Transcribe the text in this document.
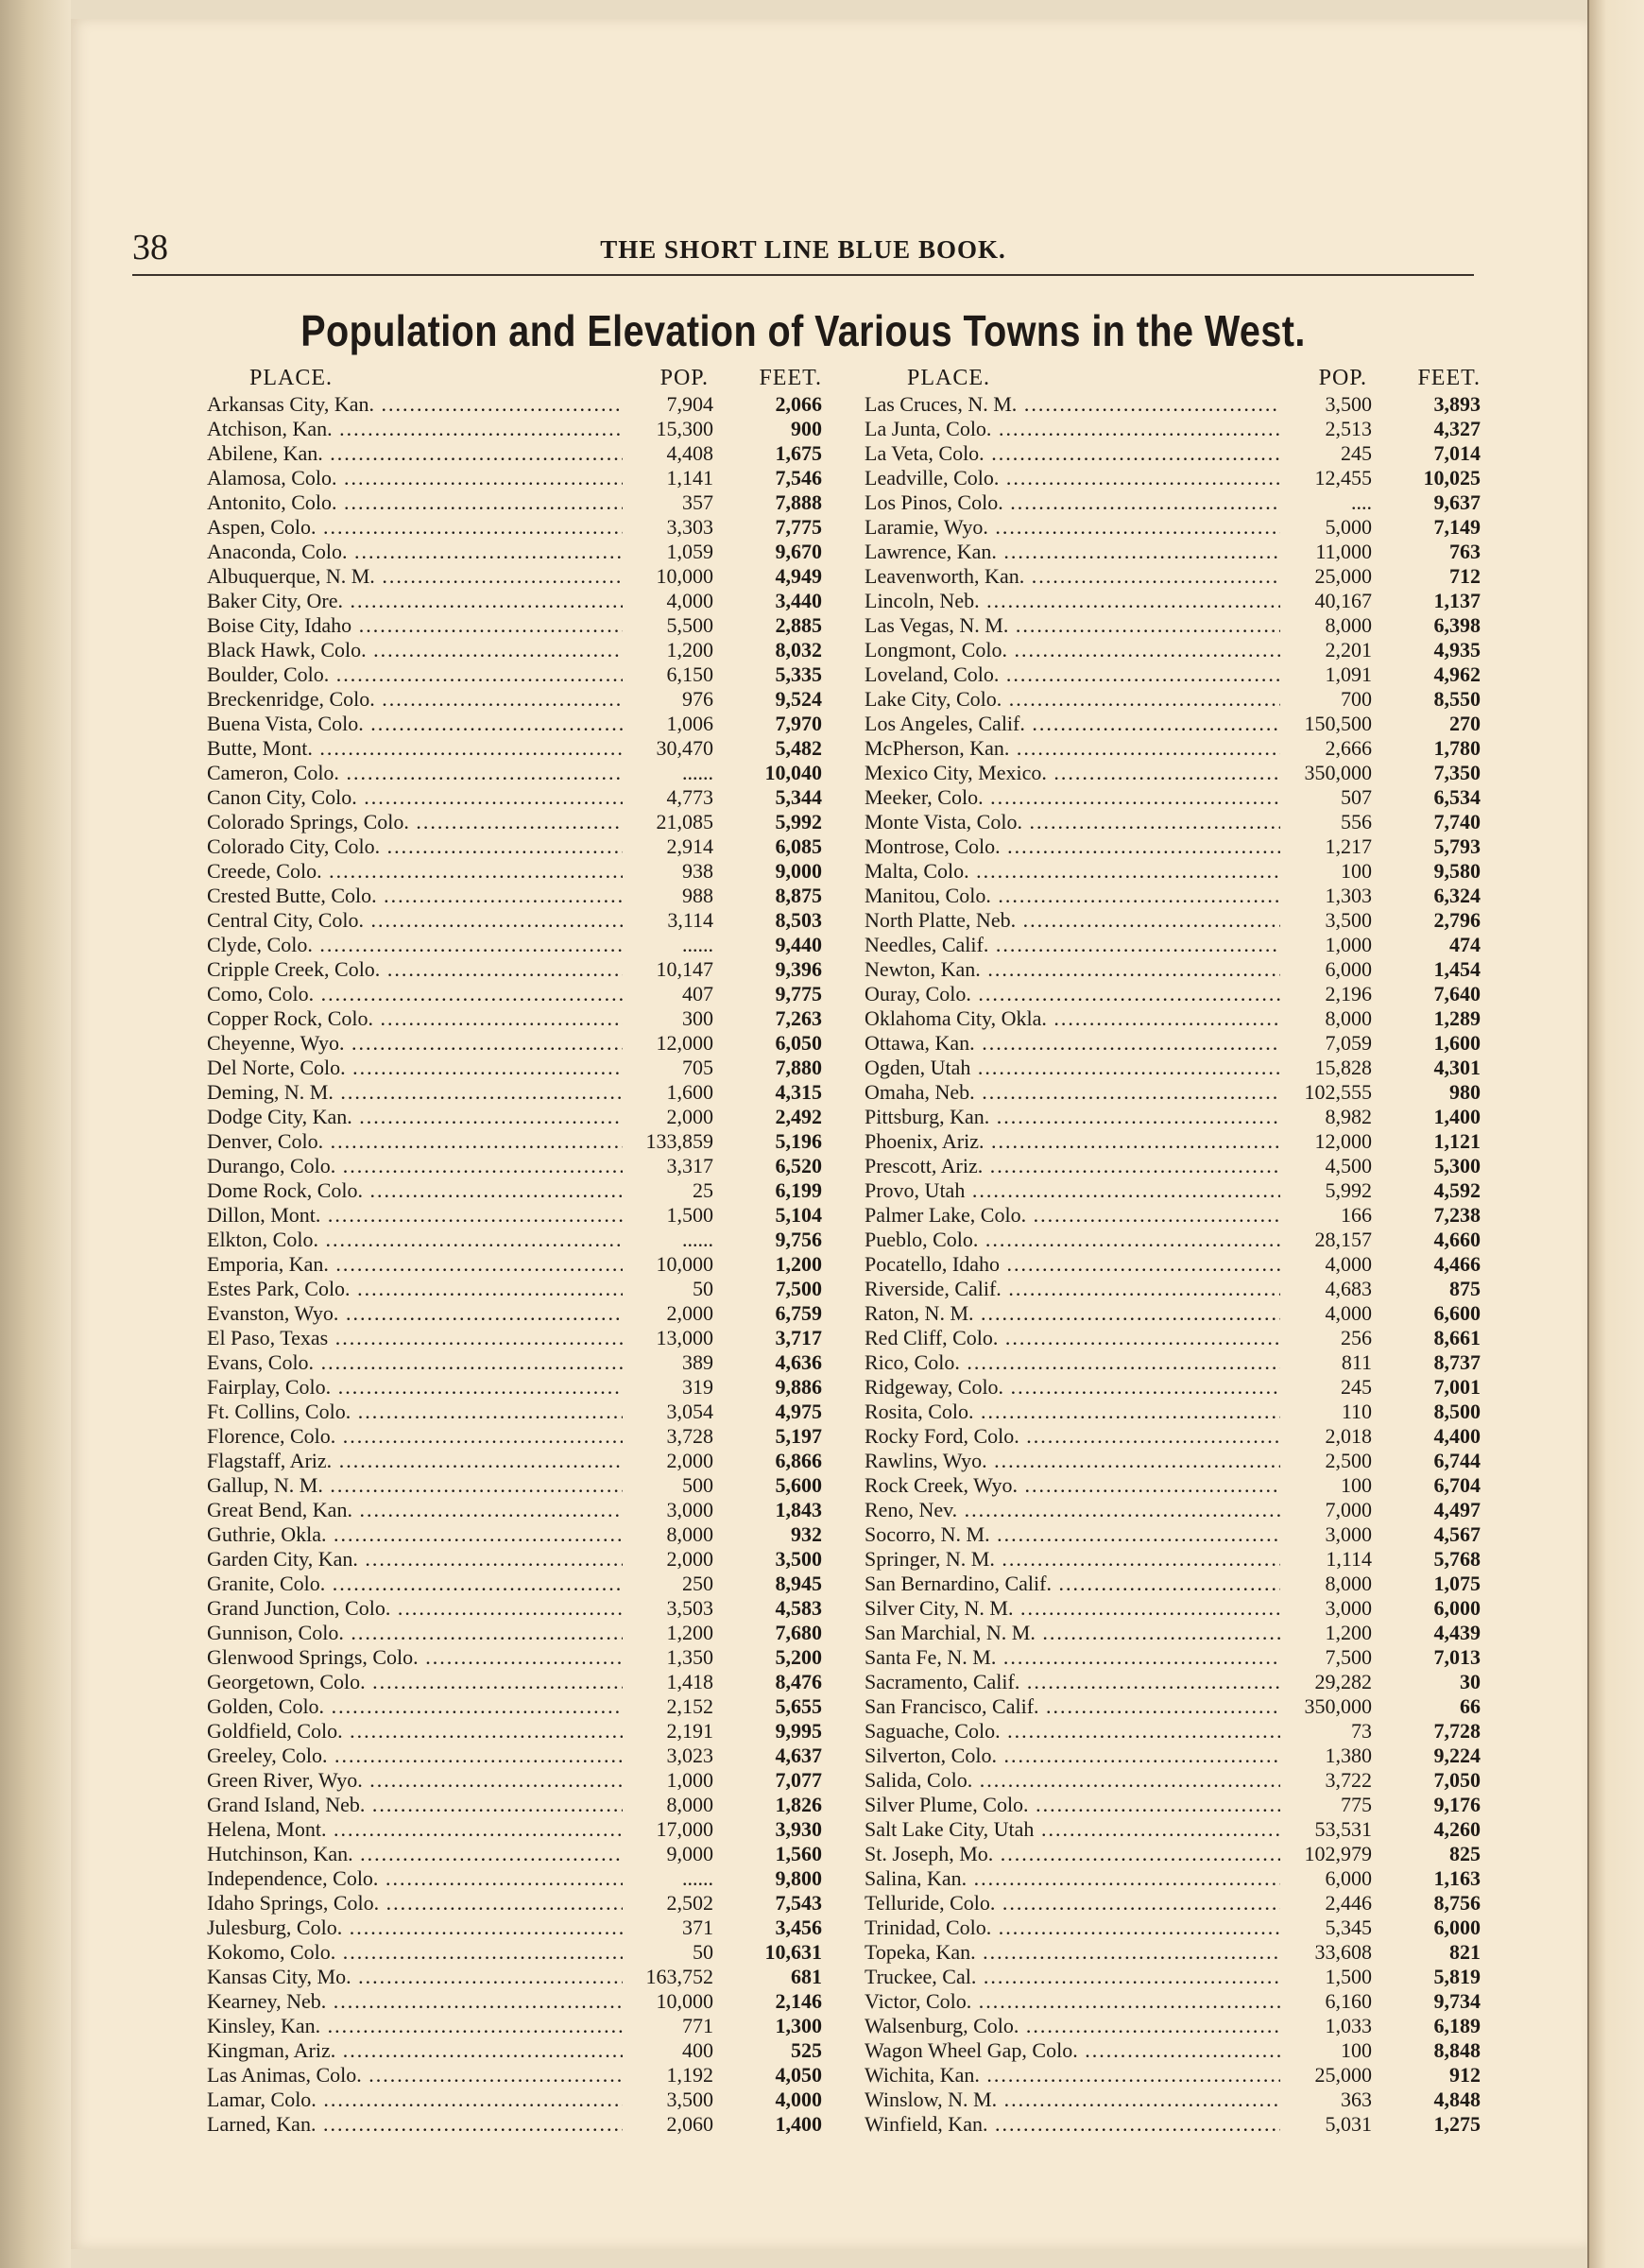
38	THE SHORT LINE BLUE BOOK.
Population and Elevation of Various Towns in the West.
PLACE.	POP. FEET.
Arkansas City, Kan. .....	7,904	2,066
Atchison, Kan. .....	15,300	900
Abilene, Kan. .....	4,408	1,675
Alamosa, Colo. .....	1,141	7,546
Antonito, Colo. .....	357	7,888
Aspen, Colo. .....	3,303	7,775
Anaconda, Colo. .....	1,059	9,670
Albuquerque, N. M. .....	10,000	4,949
Baker City, Ore. .....	4,000	3,440
Boise City, Idaho .....	5,500	2,885
Black Hawk, Colo. .....	1,200	8,032
Boulder, Colo. .....	6,150	5,335
Breckenridge, Colo. .....	976	9,524
Buena Vista, Colo. .....	1,006	7,970
Butte, Mont. .....	30,470	5,482
Cameron, Colo. .....	...... 10,040
Canon City, Colo. .....	4,773	5,344
Colorado Springs, Colo. .....	21,085	5,992
Colorado City, Colo. .....	2,914	6,085
Creede, Colo. .....	938	9,000
Crested Butte, Colo. .....	988	8,875
Central City, Colo. .....	3,114	8,503
Clyde, Colo. .....	......	9,440
Cripple Creek, Colo. .....	10,147	9,396
Como, Colo. .....	407	9,775
Copper Rock, Colo. .....	300	7,263
Cheyenne, Wyo. .....	12,000	6,050
Del Norte, Colo. .....	705	7,880
Deming, N. M. .....	1,600	4,315
Dodge City, Kan. .....	2,000	2,492
Denver, Colo. .....	133,859	5,196
Durango, Colo. .....	3,317	6,520
Dome Rock, Colo. .....	25	6,199
Dillon, Mont. .....	1,500	5,104
Elkton, Colo. .....	......	9,756
Emporia, Kan. .....	10,000	1,200
Estes Park, Colo. .....	50	7,500
Evanston, Wyo. .....	2,000	6,759
El Paso, Texas .....	13,000	3,717
Evans, Colo. .....	389	4,636
Fairplay, Colo. .....	319	9,886
Ft. Collins, Colo. .....	3,054	4,975
Florence, Colo. .....	3,728	5,197
Flagstaff, Ariz. .....	2,000	6,866
Gallup, N. M. .....	500	5,600
Great Bend, Kan. .....	3,000	1,843
Guthrie, Okla. .....	8,000	932
Garden City, Kan. .....	2,000	3,500
Granite, Colo. .....	250	8,945
Grand Junction, Colo. .....	3,503	4,583
Gunnison, Colo. .....	1,200	7,680
Glenwood Springs, Colo. .....	1,350	5,200
Georgetown, Colo. .....	1,418	8,476
Golden, Colo. .....	2,152	5,655
Goldfield, Colo. .....	2,191	9,995
Greeley, Colo. .....	3,023	4,637
Green River, Wyo. .....	1,000	7,077
Grand Island, Neb. .....	8,000	1,826
Helena, Mont. .....	17,000	3,930
Hutchinson, Kan. .....	9,000	1,560
Independence, Colo. .....	......	9,800
Idaho Springs, Colo. .....	2,502	7,543
Julesburg, Colo. .....	371	3,456
Kokomo, Colo. .....	50 10,631
Kansas City, Mo. .....	163,752	681
Kearney, Neb. .....	10,000	2,146
Kinsley, Kan. .....	771	1,300
Kingman, Ariz. .....	400	525
Las Animas, Colo. .....	1,192	4,050
Lamar, Colo. .....	3,500	4,000
Larned, Kan. .....	2,060	1,400
PLACE.	POP. FEET.
Las Cruces, N. M. .....	3,500	3,893
La Junta, Colo. .....	2,513	4,327
La Veta, Colo. .....	245	7,014
Leadville, Colo. .....	12,455 10,025
Los Pinos, Colo. .....	....	9,637
Laramie, Wyo. .....	5,000	7,149
Lawrence, Kan. .....	11,000	763
Leavenworth, Kan. .....	25,000	712
Lincoln, Neb. .....	40,167	1,137
Las Vegas, N. M. .....	8,000	6,398
Longmont, Colo. .....	2,201	4,935
Loveland, Colo. .....	1,091	4,962
Lake City, Colo. .....	700	8,550
Los Angeles, Calif. .....	150,500	270
McPherson, Kan. .....	2,666	1,780
Mexico City, Mexico. .....	350,000	7,350
Meeker, Colo. .....	507	6,534
Monte Vista, Colo. .....	556	7,740
Montrose, Colo. .....	1,217	5,793
Malta, Colo. .....	100	9,580
Manitou, Colo. .....	1,303	6,324
North Platte, Neb. .....	3,500	2,796
Needles, Calif. .....	1,000	474
Newton, Kan. .....	6,000	1,454
Ouray, Colo. .....	2,196	7,640
Oklahoma City, Okla. .....	8,000	1,289
Ottawa, Kan. .....	7,059	1,600
Ogden, Utah .....	15,828	4,301
Omaha, Neb. .....	102,555	980
Pittsburg, Kan. .....	8,982	1,400
Phoenix, Ariz. .....	12,000	1,121
Prescott, Ariz. .....	4,500	5,300
Provo, Utah .....	5,992	4,592
Palmer Lake, Colo. .....	166	7,238
Pueblo, Colo. .....	28,157	4,660
Pocatello, Idaho .....	4,000	4,466
Riverside, Calif. .....	4,683	875
Raton, N. M. .....	4,000	6,600
Red Cliff, Colo. .....	256	8,661
Rico, Colo. .....	811	8,737
Ridgeway, Colo. .....	245	7,001
Rosita, Colo. .....	110	8,500
Rocky Ford, Colo. .....	2,018	4,400
Rawlins, Wyo. .....	2,500	6,744
Rock Creek, Wyo. .....	100	6,704
Reno, Nev. .....	7,000	4,497
Socorro, N. M. .....	3,000	4,567
Springer, N. M. .....	1,114	5,768
San Bernardino, Calif. .....	8,000	1,075
Silver City, N. M. .....	3,000	6,000
San Marchial, N. M. .....	1,200	4,439
Santa Fe, N. M. .....	7,500	7,013
Sacramento, Calif. .....	29,282	30
San Francisco, Calif. .....	350,000	66
Saguache, Colo. .....	73	7,728
Silverton, Colo. .....	1,380	9,224
Salida, Colo. .....	3,722	7,050
Silver Plume, Colo. .....	775	9,176
Salt Lake City, Utah .....	53,531	4,260
St. Joseph, Mo. .....	102,979	825
Salina, Kan. .....	6,000	1,163
Telluride, Colo. .....	2,446	8,756
Trinidad, Colo. .....	5,345	6,000
Topeka, Kan. .....	33,608	821
Truckee, Cal. .....	1,500	5,819
Victor, Colo. .....	6,160	9,734
Walsenburg, Colo. .....	1,033	6,189
Wagon Wheel Gap, Colo. .....	100	8,848
Wichita, Kan. .....	25,000	912
Winslow, N. M. .....	363	4,848
Winfield, Kan. .....	5,031	1,275
